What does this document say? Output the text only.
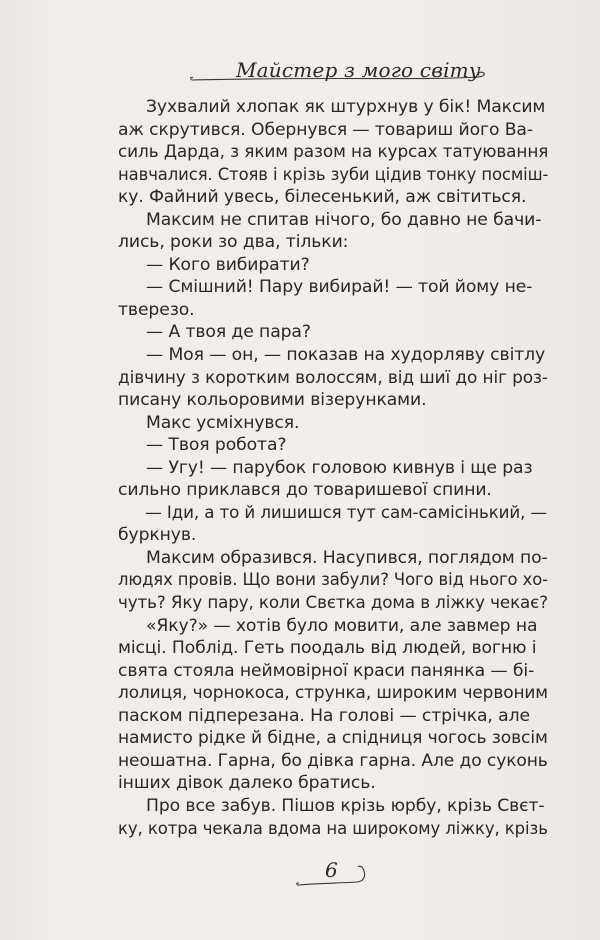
Майстер з мого світу

Зухвалий хлопак як штурхнув у бік! Максим

аж скрутився. Обернувся — товариш його Ва-

силь Дарда, з яким разом на курсах татуювання

навчалися. Стояв і крізь зуби цідив тонку посміш-

ку. Файний увесь, білесенький, аж світиться.

Максим не спитав нічого, бо давно не бачи-

лись, роки зо два, тільки:

— Кого вибирати?

— Смішний! Пару вибирай! — той йому не-

тверезо.

— А твоя де пара?

— Моя — он, — показав на худорляву світлу

дівчину з коротким волоссям, від шиї до ніг роз-

писану кольоровими візерунками.

Макс усміхнувся.

— Твоя робота?

— Угу! — парубок головою кивнув і ще раз

сильно приклався до товаришевої спини.

— Іди, а то й лишишся тут сам-самісінький, —

буркнув.

Максим образився. Насупився, поглядом по-

людях провів. Що вони забули? Чого від нього хо-

чуть? Яку пару, коли Свєтка дома в ліжку чекає?

«Яку?» — хотів було мовити, але завмер на

місці. Поблід. Геть поодаль від людей, вогню і

свята стояла неймовірної краси панянка — бі-

лолиця, чорнокоса, струнка, широким червоним

паском підперезана. На голові — стрічка, але

намисто рідке й бідне, а спідниця чогось зовсім

неошатна. Гарна, бо дівка гарна. Але до суконь

інших дівок далеко братись.

Про все забув. Пішов крізь юрбу, крізь Свєт-

ку, котра чекала вдома на широкому ліжку, крізь

6
